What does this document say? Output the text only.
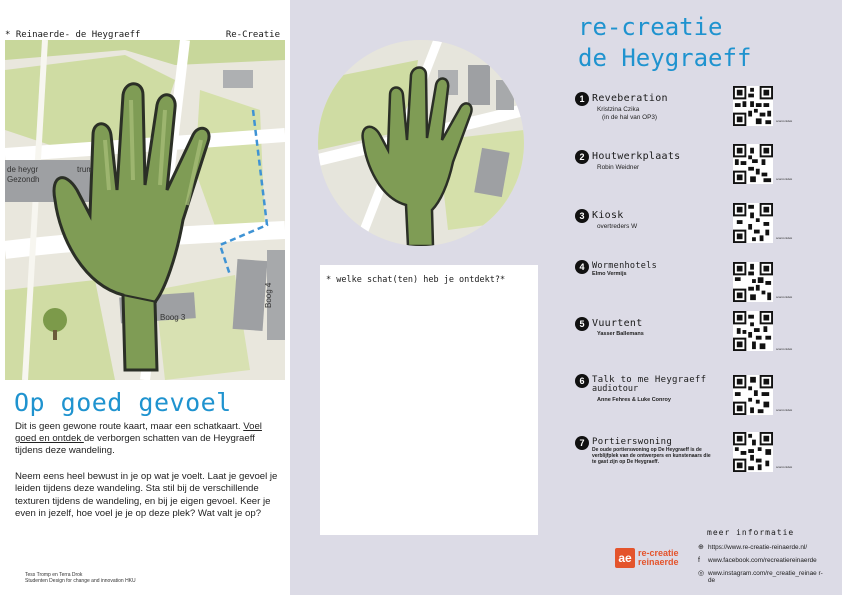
* Reinaerde- de Heygraeff	Re-Creatie
de heygr
Gezondh
trum
Boog 3
Boog 4
Op goed gevoel
Dit is geen gewone route kaart, maar een schatkaart. Voel goed en ontdek de verborgen schatten van de Heygraeff tijdens deze wandeling.
Neem eens heel bewust in je op wat je voelt. Laat je gevoel je leiden tijdens deze wandeling. Sta stil bij de verschillende texturen tijdens de wandeling, en bij je eigen gevoel. Keer je even in jezelf, hoe voel je je op deze plek? Wat valt je op?
Tess Tromp en Terra Drok
Studenten Design for change and innovation HKU
* welke schat(ten) heb je ontdekt?*
re-creatie
de Heygraeff
1 Reveberation
Kristzina Czika
(in de hal van OP3)	scan/ontdek
2 Houtwerkplaats
Robin Weidner
scan/ontdek
3 Kiosk
overtreders W
scan/ontdek
4 Wormenhotels
Elmo Vermijs
scan/ontdek
5 Vuurtent
Yasser Ballemans
scan/ontdek
6 Talk to me Heygraeff
audiotour
Anne Fehres & Luke Conroy
scan/ontdek
7 Portierswoning
De oude portierswoning op De Heygraeff is de verblijfplek van de ontwerpers en kunstenaars die te gast zijn op De Heygraeff.
scan/ontdek
meer informatie
ae re-creatie
reinaerde
⊕ https://www.re-creatie-reinaerde.nl/
f	www.facebook.com/recreatiereinaerde
◎ www.instagram.com/re_creatie_reinae r-de
